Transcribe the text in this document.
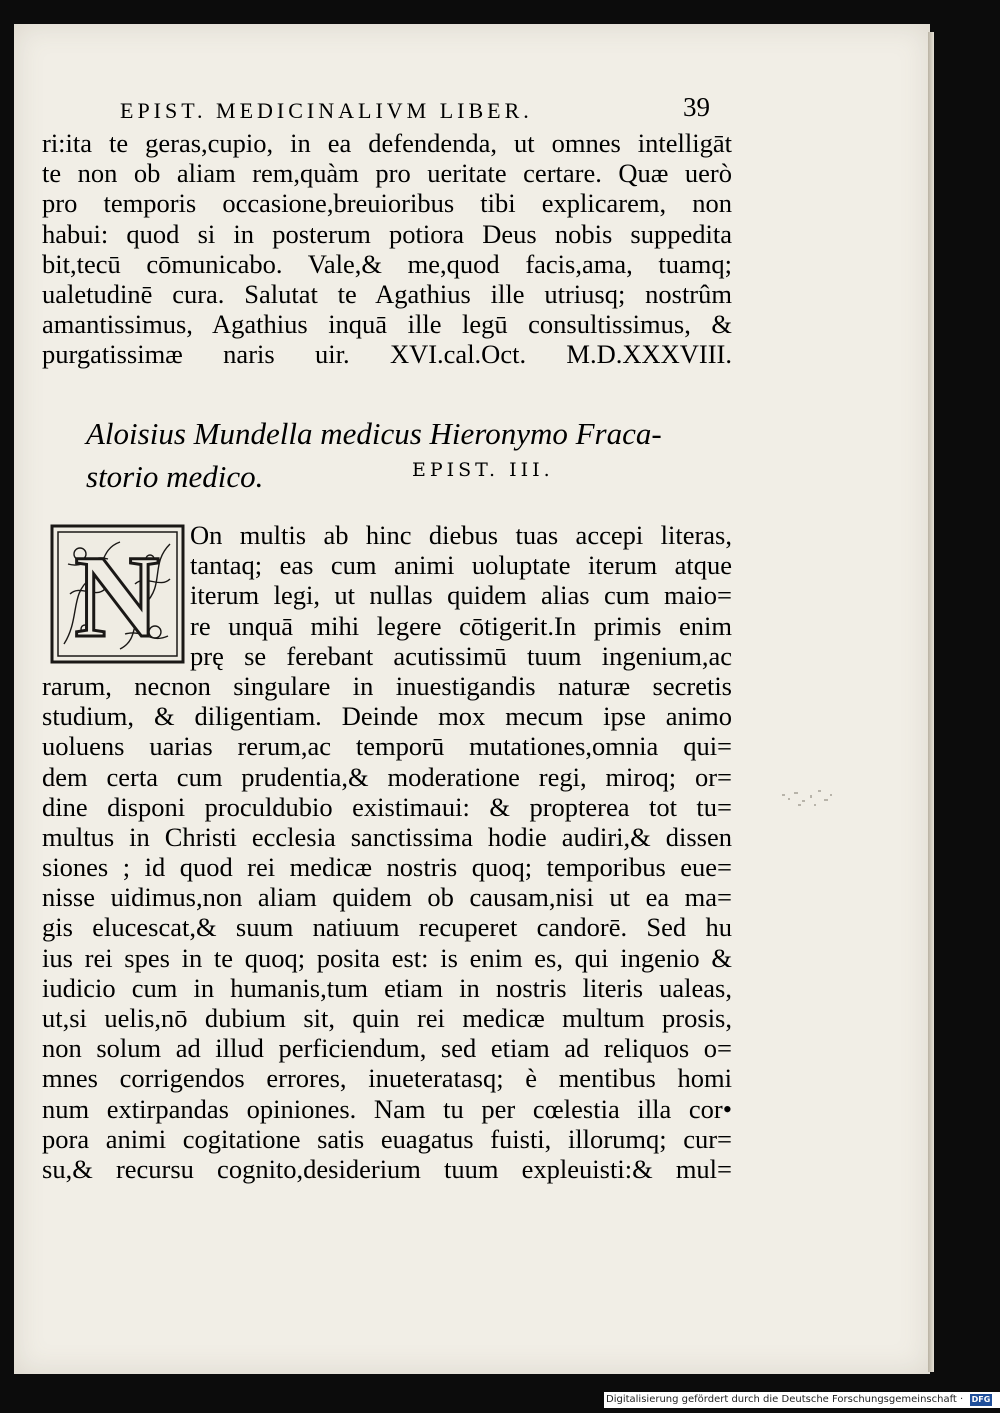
EPIST. MEDICINALIVM LIBER.	39
ri:ita te geras,cupio, in ea defendenda, ut omnes intelligāt
te non ob aliam rem,quàm pro ueritate certare. Quæ uerò
pro temporis occasione,breuioribus tibi explicarem, non
habui: quod si in posterum potiora Deus nobis suppedita
bit,tecū cōmunicabo. Vale,& me,quod facis,ama, tuamq;
ualetudinē cura. Salutat te Agathius ille utriusq; nostrûm
amantissimus, Agathius inquā ille legū consultissimus, &
purgatissimæ naris uir. XVI.cal.Oct. M.D.XXXVIII.
Aloisius Mundella medicus Hieronymo Fraca-
storio medico.	EPIST. III.
N	On multis ab hinc diebus tuas accepi literas,
tantaq; eas cum animi uoluptate iterum atque
iterum legi, ut nullas quidem alias cum maio=
re unquā mihi legere cōtigerit.In primis enim
prę se ferebant acutissimū tuum ingenium,ac
rarum, necnon singulare in inuestigandis naturæ secretis
studium, & diligentiam. Deinde mox mecum ipse animo
uoluens uarias rerum,ac temporū mutationes,omnia qui=
dem certa cum prudentia,& moderatione regi, miroq; or=
dine disponi proculdubio existimaui: & propterea tot tu=
multus in Christi ecclesia sanctissima hodie audiri,& dissen
siones ; id quod rei medicæ nostris quoq; temporibus eue=
nisse uidimus,non aliam quidem ob causam,nisi ut ea ma=
gis elucescat,& suum natiuum recuperet candorē. Sed hu
ius rei spes in te quoq; posita est: is enim es, qui ingenio &
iudicio cum in humanis,tum etiam in nostris literis ualeas,
ut,si uelis,nō dubium sit, quin rei medicæ multum prosis,
non solum ad illud perficiendum, sed etiam ad reliquos o=
mnes corrigendos errores, inueteratasq; è mentibus homi
num extirpandas opiniones. Nam tu per cœlestia illa cor•
pora animi cogitatione satis euagatus fuisti, illorumq; cur=
su,& recursu cognito,desiderium tuum expleuisti:& mul=
Digitalisierung gefördert durch die Deutsche Forschungsgemeinschaft · DFG
